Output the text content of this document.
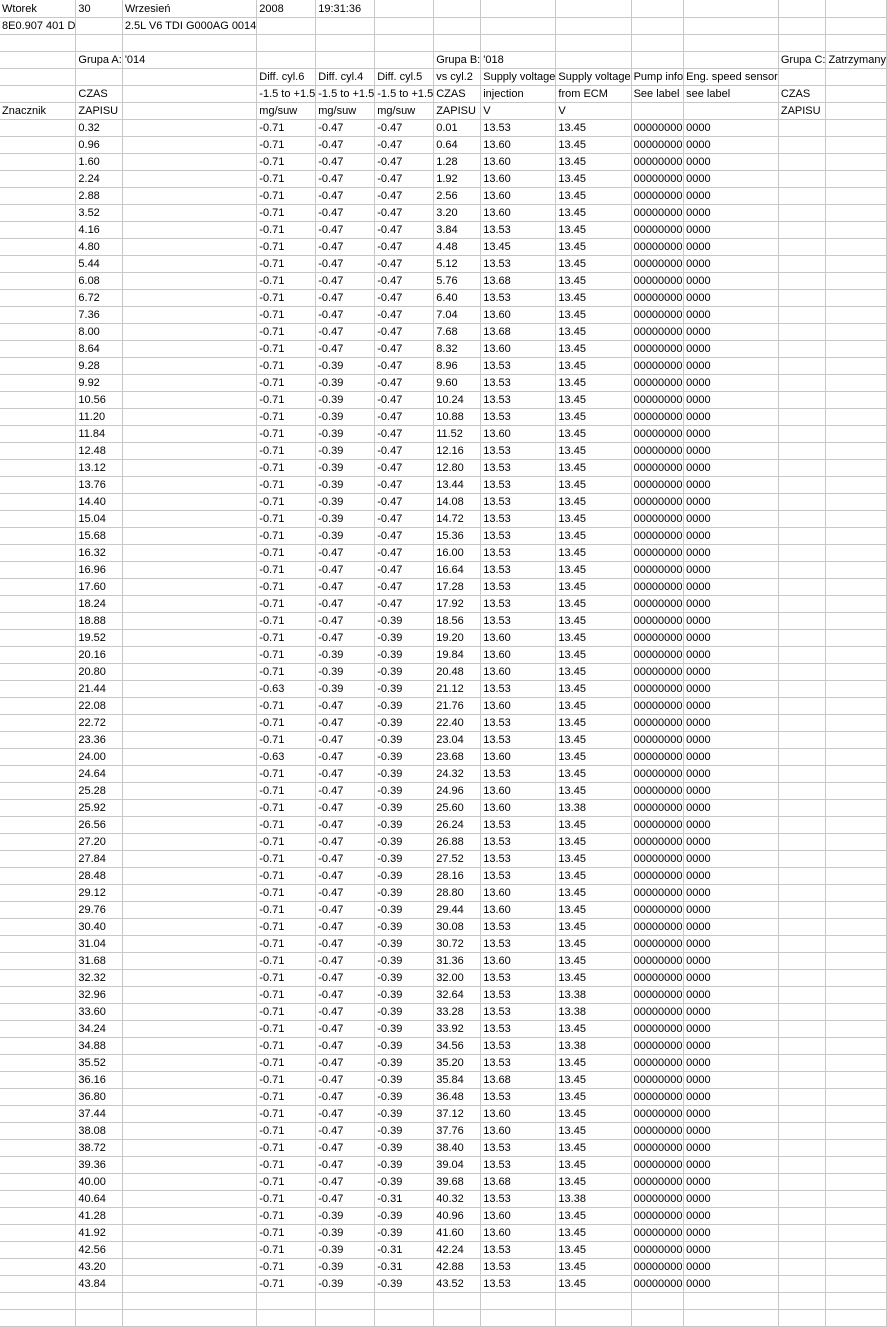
Wtorek	30	Wrzesień	2008	19:31:36								
8E0.907 401 D		2.5L V6 TDI G000AG 0014										

	Grupa A:	'014				Grupa B:	'018				Grupa C:	Zatrzymany
			Diff. cyl.6	Diff. cyl.4	Diff. cyl.5	vs cyl.2	Supply voltage	Supply voltage	Pump info	Eng. speed sensor		
	CZAS		-1.5 to +1.5	-1.5 to +1.5	-1.5 to +1.5	CZAS	injection	from ECM	See label	see label	CZAS	
Znacznik	ZAPISU		mg/suw	mg/suw	mg/suw	ZAPISU	V	V			ZAPISU	
	0.32		-0.71	-0.47	-0.47	0.01	13.53	13.45	00000000	0000		
	0.96		-0.71	-0.47	-0.47	0.64	13.60	13.45	00000000	0000		
	1.60		-0.71	-0.47	-0.47	1.28	13.60	13.45	00000000	0000		
	2.24		-0.71	-0.47	-0.47	1.92	13.60	13.45	00000000	0000		
	2.88		-0.71	-0.47	-0.47	2.56	13.60	13.45	00000000	0000		
	3.52		-0.71	-0.47	-0.47	3.20	13.60	13.45	00000000	0000		
	4.16		-0.71	-0.47	-0.47	3.84	13.53	13.45	00000000	0000		
	4.80		-0.71	-0.47	-0.47	4.48	13.45	13.45	00000000	0000		
	5.44		-0.71	-0.47	-0.47	5.12	13.53	13.45	00000000	0000		
	6.08		-0.71	-0.47	-0.47	5.76	13.68	13.45	00000000	0000		
	6.72		-0.71	-0.47	-0.47	6.40	13.53	13.45	00000000	0000		
	7.36		-0.71	-0.47	-0.47	7.04	13.60	13.45	00000000	0000		
	8.00		-0.71	-0.47	-0.47	7.68	13.68	13.45	00000000	0000		
	8.64		-0.71	-0.47	-0.47	8.32	13.60	13.45	00000000	0000		
	9.28		-0.71	-0.39	-0.47	8.96	13.53	13.45	00000000	0000		
	9.92		-0.71	-0.39	-0.47	9.60	13.53	13.45	00000000	0000		
	10.56		-0.71	-0.39	-0.47	10.24	13.53	13.45	00000000	0000		
	11.20		-0.71	-0.39	-0.47	10.88	13.53	13.45	00000000	0000		
	11.84		-0.71	-0.39	-0.47	11.52	13.60	13.45	00000000	0000		
	12.48		-0.71	-0.39	-0.47	12.16	13.53	13.45	00000000	0000		
	13.12		-0.71	-0.39	-0.47	12.80	13.53	13.45	00000000	0000		
	13.76		-0.71	-0.39	-0.47	13.44	13.53	13.45	00000000	0000		
	14.40		-0.71	-0.39	-0.47	14.08	13.53	13.45	00000000	0000		
	15.04		-0.71	-0.39	-0.47	14.72	13.53	13.45	00000000	0000		
	15.68		-0.71	-0.39	-0.47	15.36	13.53	13.45	00000000	0000		
	16.32		-0.71	-0.47	-0.47	16.00	13.53	13.45	00000000	0000		
	16.96		-0.71	-0.47	-0.47	16.64	13.53	13.45	00000000	0000		
	17.60		-0.71	-0.47	-0.47	17.28	13.53	13.45	00000000	0000		
	18.24		-0.71	-0.47	-0.47	17.92	13.53	13.45	00000000	0000		
	18.88		-0.71	-0.47	-0.39	18.56	13.53	13.45	00000000	0000		
	19.52		-0.71	-0.47	-0.39	19.20	13.60	13.45	00000000	0000		
	20.16		-0.71	-0.39	-0.39	19.84	13.60	13.45	00000000	0000		
	20.80		-0.71	-0.39	-0.39	20.48	13.60	13.45	00000000	0000		
	21.44		-0.63	-0.39	-0.39	21.12	13.53	13.45	00000000	0000		
	22.08		-0.71	-0.47	-0.39	21.76	13.60	13.45	00000000	0000		
	22.72		-0.71	-0.47	-0.39	22.40	13.53	13.45	00000000	0000		
	23.36		-0.71	-0.47	-0.39	23.04	13.53	13.45	00000000	0000		
	24.00		-0.63	-0.47	-0.39	23.68	13.60	13.45	00000000	0000		
	24.64		-0.71	-0.47	-0.39	24.32	13.53	13.45	00000000	0000		
	25.28		-0.71	-0.47	-0.39	24.96	13.60	13.45	00000000	0000		
	25.92		-0.71	-0.47	-0.39	25.60	13.60	13.38	00000000	0000		
	26.56		-0.71	-0.47	-0.39	26.24	13.53	13.45	00000000	0000		
	27.20		-0.71	-0.47	-0.39	26.88	13.53	13.45	00000000	0000		
	27.84		-0.71	-0.47	-0.39	27.52	13.53	13.45	00000000	0000		
	28.48		-0.71	-0.47	-0.39	28.16	13.53	13.45	00000000	0000		
	29.12		-0.71	-0.47	-0.39	28.80	13.60	13.45	00000000	0000		
	29.76		-0.71	-0.47	-0.39	29.44	13.60	13.45	00000000	0000		
	30.40		-0.71	-0.47	-0.39	30.08	13.53	13.45	00000000	0000		
	31.04		-0.71	-0.47	-0.39	30.72	13.53	13.45	00000000	0000		
	31.68		-0.71	-0.47	-0.39	31.36	13.60	13.45	00000000	0000		
	32.32		-0.71	-0.47	-0.39	32.00	13.53	13.45	00000000	0000		
	32.96		-0.71	-0.47	-0.39	32.64	13.53	13.38	00000000	0000		
	33.60		-0.71	-0.47	-0.39	33.28	13.53	13.38	00000000	0000		
	34.24		-0.71	-0.47	-0.39	33.92	13.53	13.45	00000000	0000		
	34.88		-0.71	-0.47	-0.39	34.56	13.53	13.38	00000000	0000		
	35.52		-0.71	-0.47	-0.39	35.20	13.53	13.45	00000000	0000		
	36.16		-0.71	-0.47	-0.39	35.84	13.68	13.45	00000000	0000		
	36.80		-0.71	-0.47	-0.39	36.48	13.53	13.45	00000000	0000		
	37.44		-0.71	-0.47	-0.39	37.12	13.60	13.45	00000000	0000		
	38.08		-0.71	-0.47	-0.39	37.76	13.60	13.45	00000000	0000		
	38.72		-0.71	-0.47	-0.39	38.40	13.53	13.45	00000000	0000		
	39.36		-0.71	-0.47	-0.39	39.04	13.53	13.45	00000000	0000		
	40.00		-0.71	-0.47	-0.39	39.68	13.68	13.45	00000000	0000		
	40.64		-0.71	-0.47	-0.31	40.32	13.53	13.38	00000000	0000		
	41.28		-0.71	-0.39	-0.39	40.96	13.60	13.45	00000000	0000		
	41.92		-0.71	-0.39	-0.39	41.60	13.60	13.45	00000000	0000		
	42.56		-0.71	-0.39	-0.31	42.24	13.53	13.45	00000000	0000		
	43.20		-0.71	-0.39	-0.31	42.88	13.53	13.45	00000000	0000		
	43.84		-0.71	-0.39	-0.39	43.52	13.53	13.45	00000000	0000		
